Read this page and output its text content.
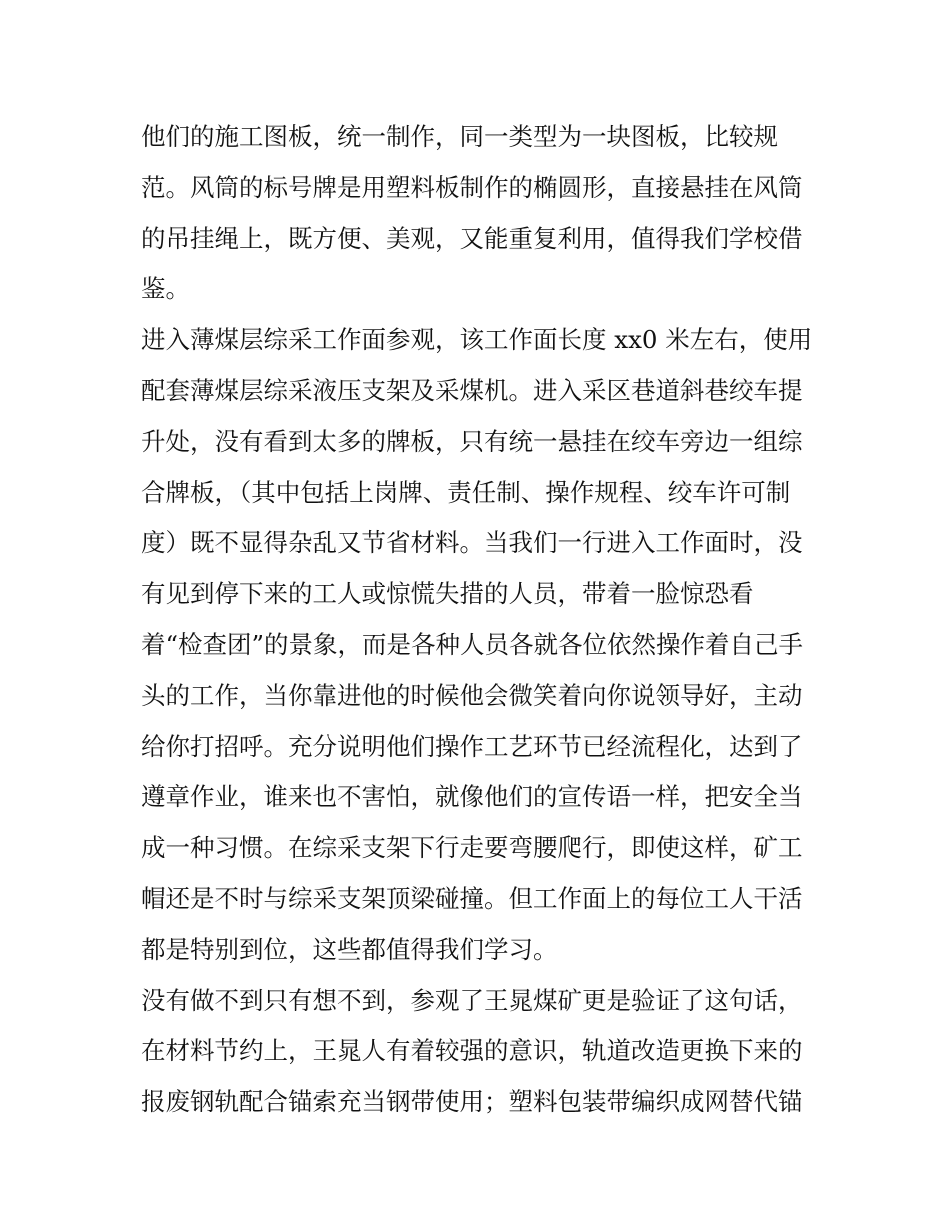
他们的施工图板，统一制作，同一类型为一块图板，比较规
范。风筒的标号牌是用塑料板制作的椭圆形，直接悬挂在风筒
的吊挂绳上，既方便、美观，又能重复利用，值得我们学校借
鉴。
进入薄煤层综采工作面参观，该工作面长度 xx0 米左右，使用
配套薄煤层综采液压支架及采煤机。进入采区巷道斜巷绞车提
升处，没有看到太多的牌板，只有统一悬挂在绞车旁边一组综
合牌板，（其中包括上岗牌、责任制、操作规程、绞车许可制
度）既不显得杂乱又节省材料。当我们一行进入工作面时，没
有见到停下来的工人或惊慌失措的人员，带着一脸惊恐看
着“检查团”的景象，而是各种人员各就各位依然操作着自己手
头的工作，当你靠进他的时候他会微笑着向你说领导好，主动
给你打招呼。充分说明他们操作工艺环节已经流程化，达到了
遵章作业，谁来也不害怕，就像他们的宣传语一样，把安全当
成一种习惯。在综采支架下行走要弯腰爬行，即使这样，矿工
帽还是不时与综采支架顶梁碰撞。但工作面上的每位工人干活
都是特别到位，这些都值得我们学习。
没有做不到只有想不到，参观了王晁煤矿更是验证了这句话，
在材料节约上，王晁人有着较强的意识，轨道改造更换下来的
报废钢轨配合锚索充当钢带使用；塑料包装带编织成网替代锚
